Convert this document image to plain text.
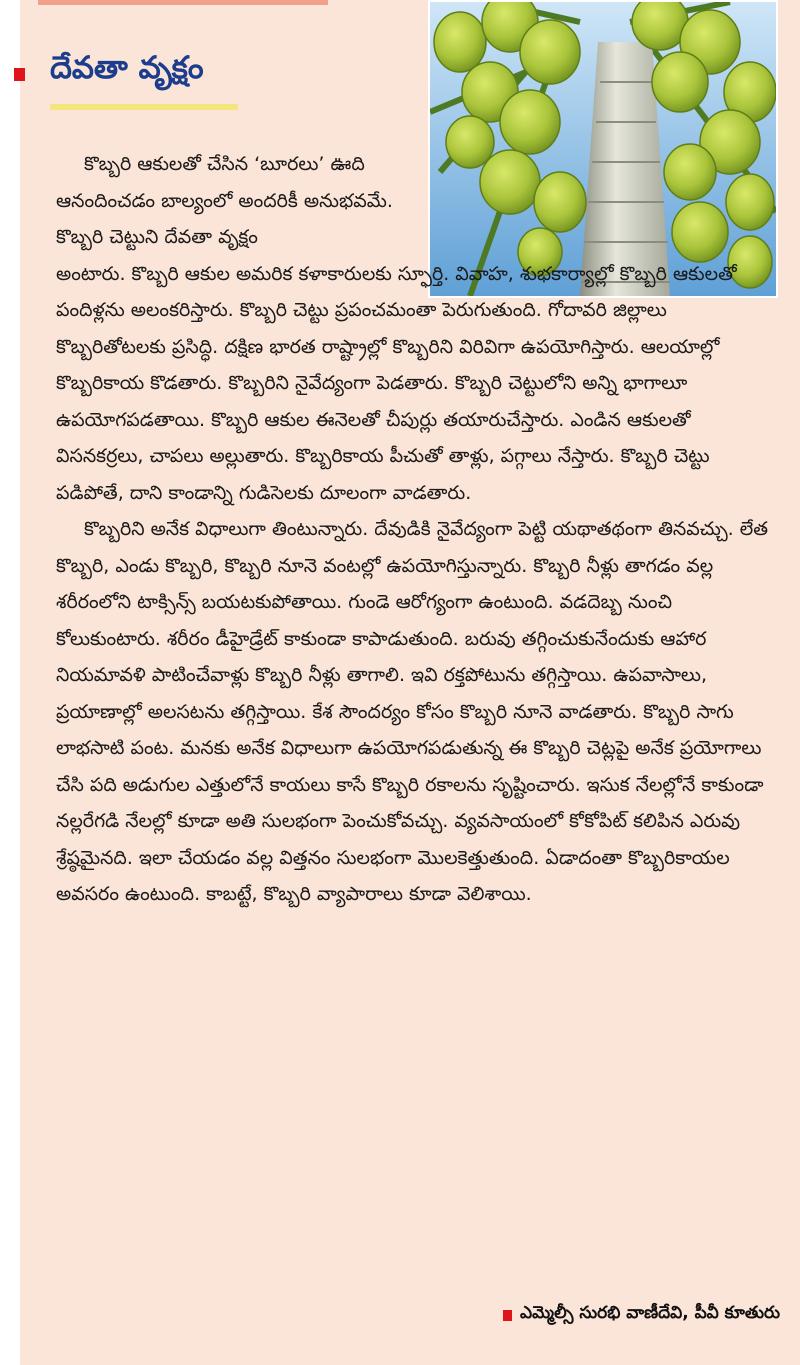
దేవతా వృక్షం

కొబ్బరి ఆకులతో చేసిన ‘బూరలు’ ఊది ఆనందించడం బాల్యంలో అందరికీ అనుభవమే. కొబ్బరి చెట్టుని దేవతా వృక్షం

అంటారు. కొబ్బరి ఆకుల అమరిక కళాకారులకు స్ఫూర్తి. వివాహ, శుభకార్యాల్లో కొబ్బరి ఆకులతో పందిళ్లను అలంకరిస్తారు. కొబ్బరి చెట్టు ప్రపంచమంతా పెరుగుతుంది. గోదావరి జిల్లాలు కొబ్బరితోటలకు ప్రసిద్ధి. దక్షిణ భారత రాష్ట్రాల్లో కొబ్బరిని విరివిగా ఉపయోగిస్తారు. ఆలయాల్లో కొబ్బరికాయ కొడతారు. కొబ్బరిని నైవేద్యంగా పెడతారు. కొబ్బరి చెట్టులోని అన్ని భాగాలూ ఉపయోగపడతాయి. కొబ్బరి ఆకుల ఈనెలతో చీపుర్లు తయారుచేస్తారు. ఎండిన ఆకులతో విసనకర్రలు, చాపలు అల్లుతారు. కొబ్బరికాయ పీచుతో తాళ్లు, పగ్గాలు నేస్తారు. కొబ్బరి చెట్టు పడిపోతే, దాని కాండాన్ని గుడిసెలకు దూలంగా వాడతారు.

కొబ్బరిని అనేక విధాలుగా తింటున్నారు. దేవుడికి నైవేద్యంగా పెట్టి యథాతథంగా తినవచ్చు. లేత కొబ్బరి, ఎండు కొబ్బరి, కొబ్బరి నూనె వంటల్లో ఉపయోగిస్తున్నారు. కొబ్బరి నీళ్లు తాగడం వల్ల శరీరంలోని టాక్సిన్స్ బయటకుపోతాయి. గుండె ఆరోగ్యంగా ఉంటుంది. వడదెబ్బ నుంచి కోలుకుంటారు. శరీరం డీహైడ్రేట్ కాకుండా కాపాడుతుంది. బరువు తగ్గించుకునేందుకు ఆహార నియమావళి పాటించేవాళ్లు కొబ్బరి నీళ్లు తాగాలి. ఇవి రక్తపోటును తగ్గిస్తాయి. ఉపవాసాలు, ప్రయాణాల్లో అలసటను తగ్గిస్తాయి. కేశ సౌందర్యం కోసం కొబ్బరి నూనె వాడతారు. కొబ్బరి సాగు లాభసాటి పంట. మనకు అనేక విధాలుగా ఉపయోగపడుతున్న ఈ కొబ్బరి చెట్లపై అనేక ప్రయోగాలు చేసి పది అడుగుల ఎత్తులోనే కాయలు కాసే కొబ్బరి రకాలను సృష్టించారు. ఇసుక నేలల్లోనే కాకుండా నల్లరేగడి నేలల్లో కూడా అతి సులభంగా పెంచుకోవచ్చు. వ్యవసాయంలో కోకోపిట్ కలిపిన ఎరువు శ్రేష్ఠమైనది. ఇలా చేయడం వల్ల విత్తనం సులభంగా మొలకెత్తుతుంది. ఏడాదంతా కొబ్బరికాయల అవసరం ఉంటుంది. కాబట్టే, కొబ్బరి వ్యాపారాలు కూడా వెలిశాయి.

ఎమ్మెల్సీ సురభి వాణీదేవి, పీవీ కూతురు
